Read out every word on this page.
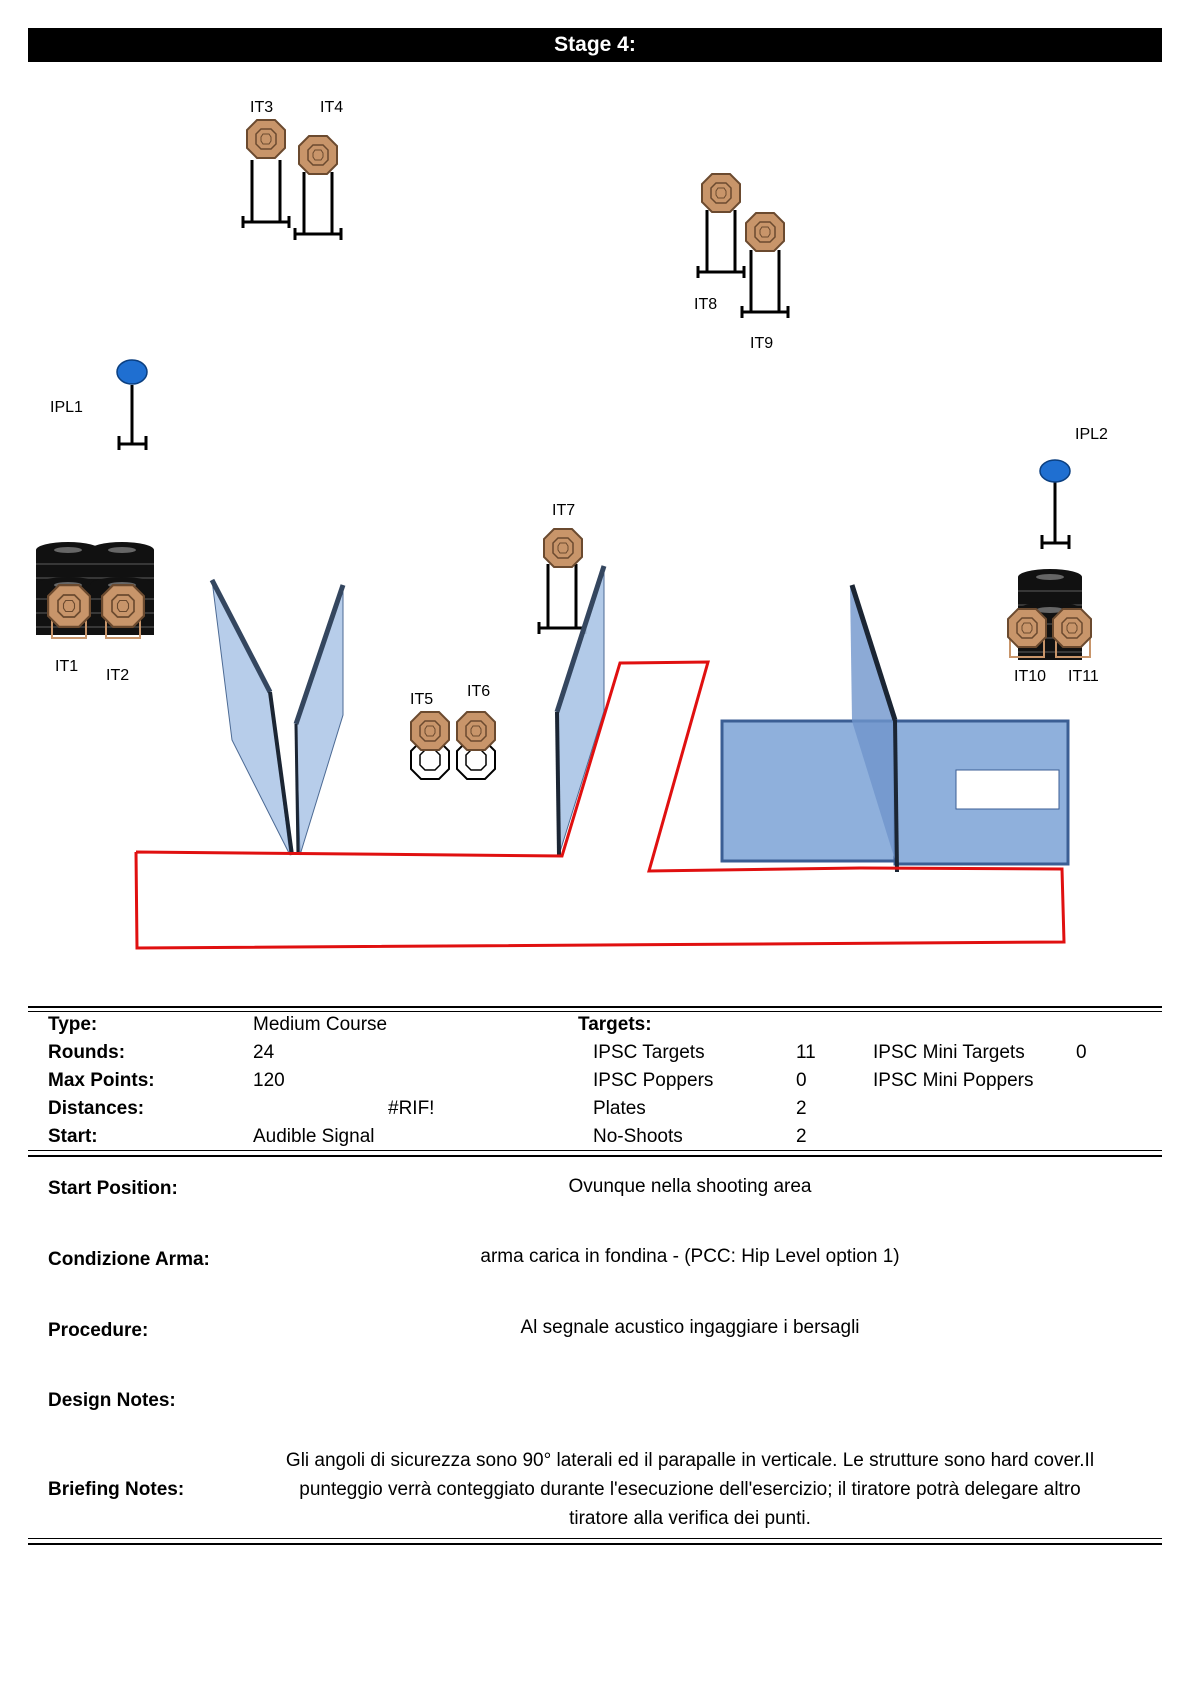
Stage 4:
IT3	IT4
IT8
IT9
IPL1
IPL2
IT1
IT2	IT10 IT11
IT7
IT5 IT6
Type:	Medium Course
Rounds:	24
Max Points:	120
Distances:	#RIF!
Start:	Audible Signal
Targets:
IPSC Targets	11
IPSC Poppers	0
Plates	2
No-Shoots	2
IPSC Mini Targets	0
IPSC Mini Poppers
Start Position:	Ovunque nella shooting area
Condizione Arma:	arma carica in fondina - (PCC: Hip Level option 1)
Procedure:	Al segnale acustico ingaggiare i bersagli
Design Notes:
Briefing Notes:
Gli angoli di sicurezza sono 90° laterali ed il parapalle in verticale. Le strutture sono hard cover.Il
punteggio verrà conteggiato durante l'esecuzione dell'esercizio; il tiratore potrà delegare altro
tiratore alla verifica dei punti.
